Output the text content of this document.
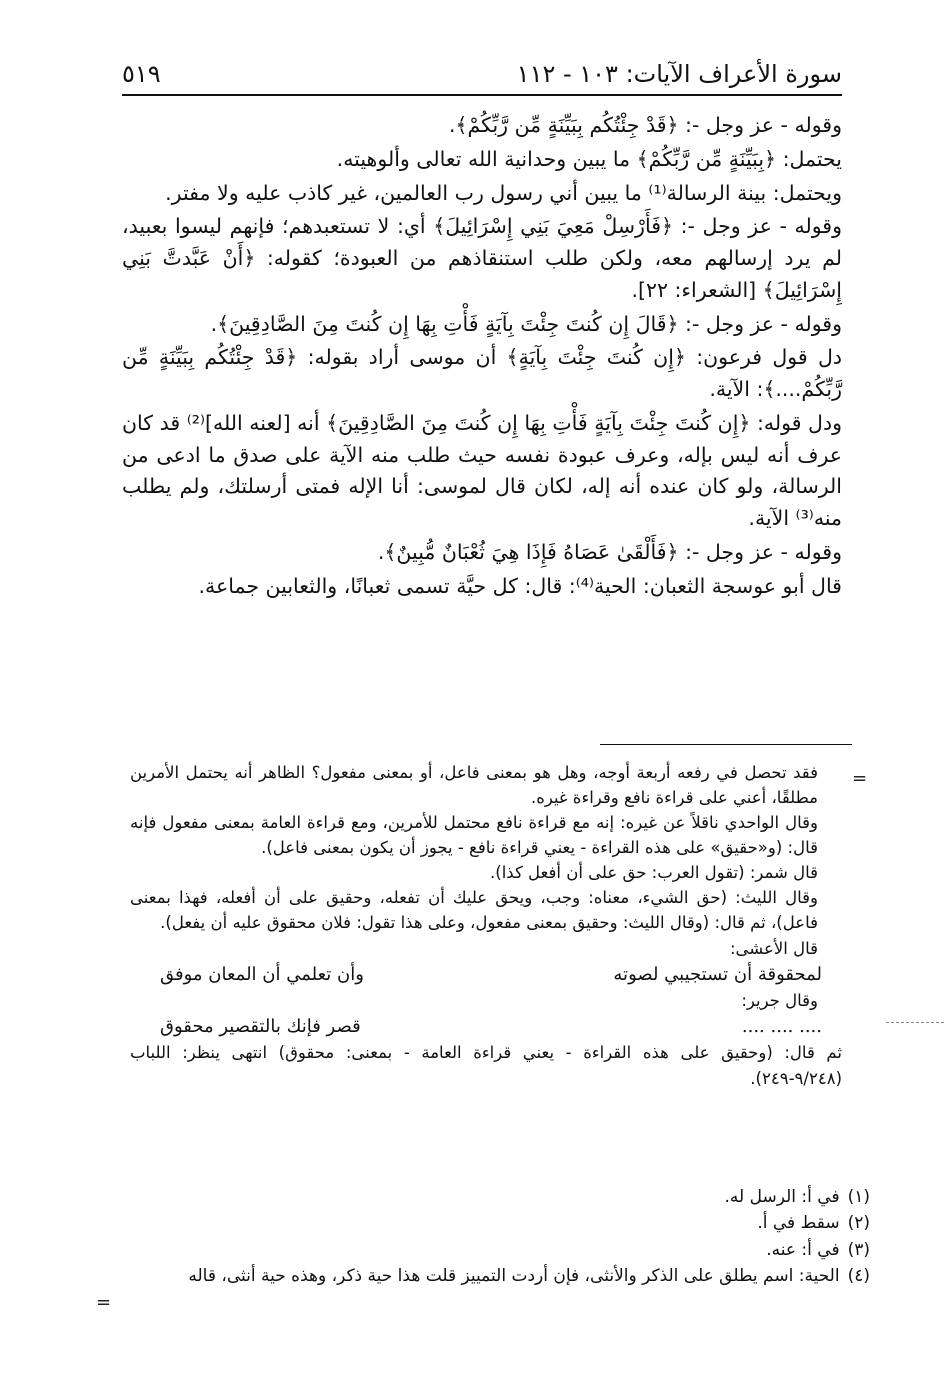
سورة الأعراف الآيات: ١٠٣ - ١١٢
٥١٩

وقوله - عز وجل -: ﴿قَدْ جِئْتُكُم بِبَيِّنَةٍ مِّن رَّبِّكُمْ﴾.

يحتمل: ﴿بِبَيِّنَةٍ مِّن رَّبِّكُمْ﴾ ما يبين وحدانية الله تعالى وألوهيته.

ويحتمل: بينة الرسالة⁽¹⁾ ما يبين أني رسول رب العالمين، غير كاذب عليه ولا مفتر.

وقوله - عز وجل -: ﴿فَأَرْسِلْ مَعِيَ بَنِي إِسْرَائِيلَ﴾ أي: لا تستعبدهم؛ فإنهم ليسوا بعبيد، لم يرد إرسالهم معه، ولكن طلب استنقاذهم من العبودة؛ كقوله: ﴿أَنْ عَبَّدتَّ بَنِي إِسْرَائِيلَ﴾ [الشعراء: ٢٢].

وقوله - عز وجل -: ﴿قَالَ إِن كُنتَ جِئْتَ بِآيَةٍ فَأْتِ بِهَا إِن كُنتَ مِنَ الصَّادِقِينَ﴾.

دل قول فرعون: ﴿إِن كُنتَ جِئْتَ بِآيَةٍ﴾ أن موسى أراد بقوله: ﴿قَدْ جِئْتُكُم بِبَيِّنَةٍ مِّن رَّبِّكُمْ....﴾: الآية.

ودل قوله: ﴿إِن كُنتَ جِئْتَ بِآيَةٍ فَأْتِ بِهَا إِن كُنتَ مِنَ الصَّادِقِينَ﴾ أنه [لعنه الله]⁽²⁾ قد كان عرف أنه ليس بإله، وعرف عبودة نفسه حيث طلب منه الآية على صدق ما ادعى من الرسالة، ولو كان عنده أنه إله، لكان قال لموسى: أنا الإله فمتى أرسلتك، ولم يطلب منه⁽³⁾ الآية.

وقوله - عز وجل -: ﴿فَأَلْقَىٰ عَصَاهُ فَإِذَا هِيَ ثُعْبَانٌ مُّبِينٌ﴾.

قال أبو عوسجة الثعبان: الحية⁽⁴⁾: قال: كل حيَّة تسمى ثعبانًا، والثعابين جماعة.

=

فقد تحصل في رفعه أربعة أوجه، وهل هو بمعنى فاعل، أو بمعنى مفعول؟ الظاهر أنه يحتمل الأمرين مطلقًا، أعني على قراءة نافع وقراءة غيره.

وقال الواحدي ناقلاً عن غيره: إنه مع قراءة نافع محتمل للأمرين، ومع قراءة العامة بمعنى مفعول فإنه قال: (و«حقيق» على هذه القراءة - يعني قراءة نافع - يجوز أن يكون بمعنى فاعل).

قال شمر: (تقول العرب: حق على أن أفعل كذا).

وقال الليث: (حق الشيء، معناه: وجب، ويحق عليك أن تفعله، وحقيق على أن أفعله، فهذا بمعنى فاعل)، ثم قال: (وقال الليث: وحقيق بمعنى مفعول، وعلى هذا تقول: فلان محقوق عليه أن يفعل).

قال الأعشى:

لمحقوقة أن تستجيبي لصوته
وأن تعلمي أن المعان موفق

وقال جرير:

.... .... ....
قصر فإنك بالتقصير محقوق

ثم قال: (وحقيق على هذه القراءة - يعني قراءة العامة - بمعنى: محقوق) انتهى ينظر: اللباب (٩/٢٤٨-٢٤٩).

(١)
في أ: الرسل له.
(٢)
سقط في أ.
(٣)
في أ: عنه.
(٤)
الحية: اسم يطلق على الذكر والأنثى، فإن أردت التمييز قلت هذا حية ذكر، وهذه حية أنثى، قاله
=
